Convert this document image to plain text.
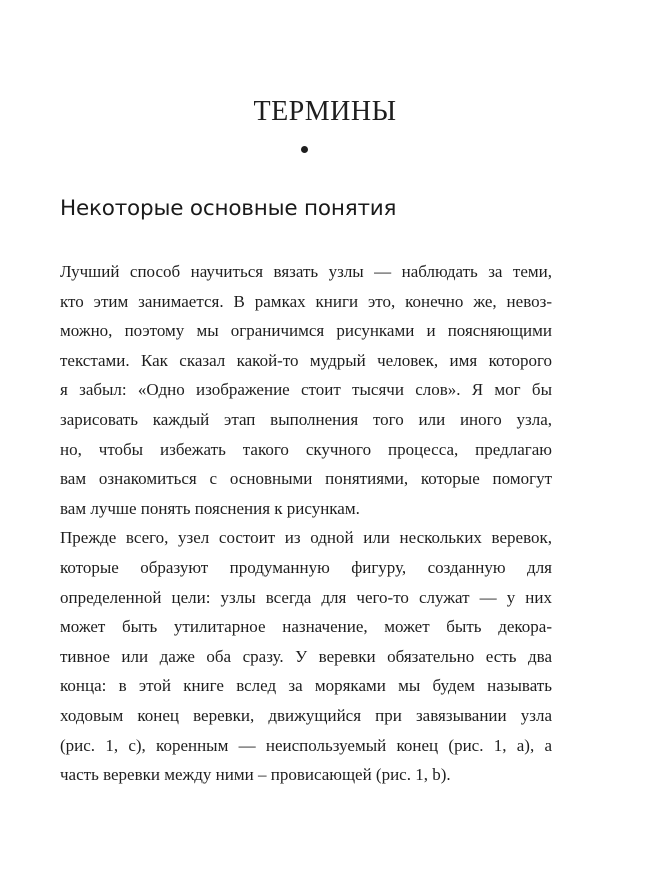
ТЕРМИНЫ
Некоторые основные понятия
Лучший способ научиться вязать узлы — наблюдать за теми,
кто этим занимается. В рамках книги это, конечно же, невоз-
можно, поэтому мы ограничимся рисунками и поясняющими
текстами. Как сказал какой-то мудрый человек, имя которого
я забыл: «Одно изображение стоит тысячи слов». Я мог бы
зарисовать каждый этап выполнения того или иного узла,
но, чтобы избежать такого скучного процесса, предлагаю
вам ознакомиться с основными понятиями, которые помогут
вам лучше понять пояснения к рисункам.
Прежде всего, узел состоит из одной или нескольких веревок,
которые образуют продуманную фигуру, созданную для
определенной цели: узлы всегда для чего-то служат — у них
может быть утилитарное назначение, может быть декора-
тивное или даже оба сразу. У веревки обязательно есть два
конца: в этой книге вслед за моряками мы будем называть
ходовым конец веревки, движущийся при завязывании узла
(рис. 1, с), коренным — неиспользуемый конец (рис. 1, a), а
часть веревки между ними – провисающей (рис. 1, b).
